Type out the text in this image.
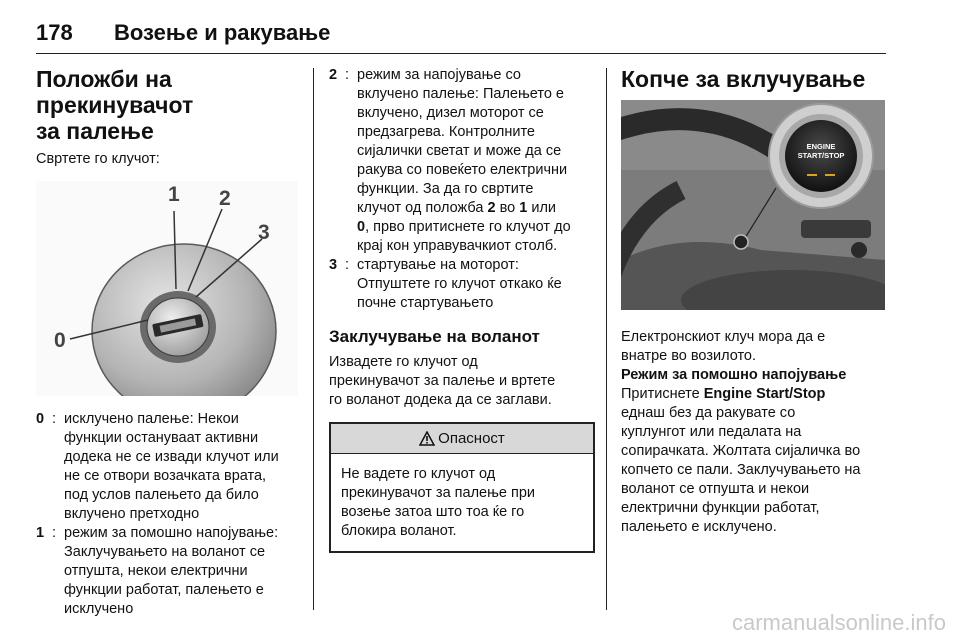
178 Возење и ракување
Положби на прекинувачот
за палење

Свртете го клучот:

1 2
3
0
0 : исклучено палење: Некои
функции остануваат активни
додека не се извади клучот или
не се отвори возачката врата,
под услов палењето да било
вклучено претходно
1 : режим за помошно напојување:
Заклучувањето на воланот се
отпушта, некои електрични
функции работат, палењето е
исклучено
2 : режим за напојување со
вклучено палење: Палењето е
вклучено, дизел моторот се
предзагрева. Контролните
сијалички светат и може да се
ракува со повеќето електрични
функции. За да го свртите
клучот од положба 2 во 1 или
0, прво притиснете го клучот до
крај кон управувачкиот столб.
3 : стартување на моторот:
Отпуштете го клучот откако ќе
почне стартувањето
Заклучување на воланот
Извадете го клучот од
прекинувачот за палење и вртете
го воланот додека да се заглави.
Опасност
Не вадете го клучот од
прекинувачот за палење при
возење затоа што тоа ќе го
блокира воланот.
Копче за вклучување
ENGINE
START/STOP
Електронскиот клуч мора да е
внатре во возилото.
Режим за помошно напојување
Притиснете Engine Start/Stop
еднаш без да ракувате со
куплунгот или педалата на
сопирачката. Жолтата сијаличка во
копчето се пали. Заклучувањето на
воланот се отпушта и некои
електрични функции работат,
палењето е исклучено.
carmanualsonline.info
